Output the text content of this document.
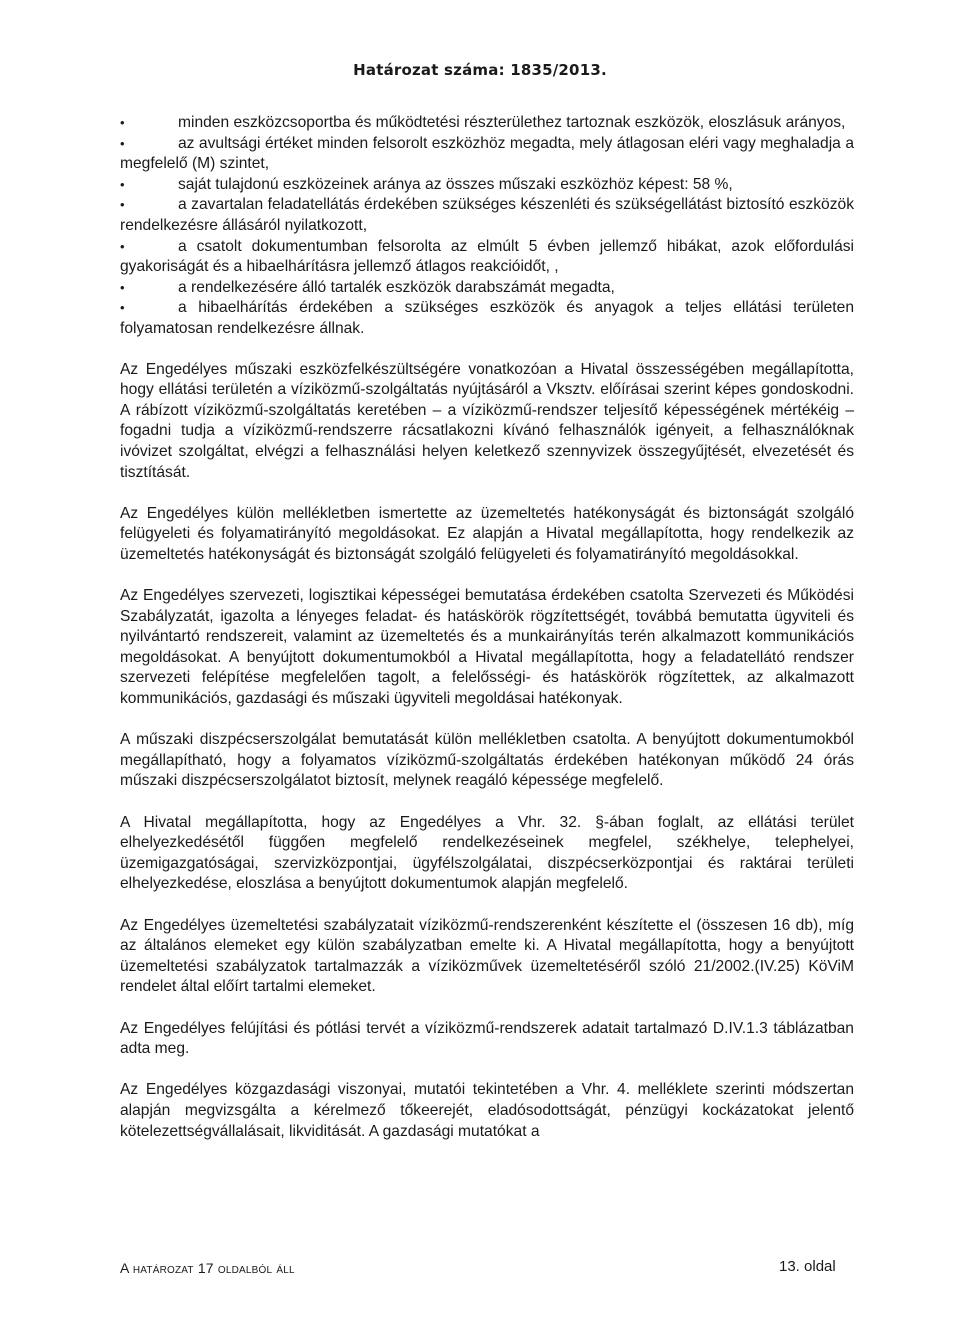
Határozat száma: 1835/2013.
• minden eszközcsoportba és működtetési részterülethez tartoznak eszközök, eloszlásuk arányos,
• az avultsági értéket minden felsorolt eszközhöz megadta, mely átlagosan eléri vagy meghaladja a megfelelő (M) szintet,
• saját tulajdonú eszközeinek aránya az összes műszaki eszközhöz képest: 58 %,
• a zavartalan feladatellátás érdekében szükséges készenléti és szükségellátást biztosító eszközök rendelkezésre állásáról nyilatkozott,
• a csatolt dokumentumban felsorolta az elmúlt 5 évben jellemző hibákat, azok előfordulási gyakoriságát és a hibaelhárításra jellemző átlagos reakcióidőt, ,
• a rendelkezésére álló tartalék eszközök darabszámát megadta,
• a hibaelhárítás érdekében a szükséges eszközök és anyagok a teljes ellátási területen folyamatosan rendelkezésre állnak.

Az Engedélyes műszaki eszközfelkészültségére vonatkozóan a Hivatal összességében megállapította, hogy ellátási területén a víziközmű-szolgáltatás nyújtásáról a Vksztv. előírásai szerint képes gondoskodni. A rábízott víziközmű-szolgáltatás keretében – a víziközmű-rendszer teljesítő képességének mértékéig – fogadni tudja a víziközmű-rendszerre rácsatlakozni kívánó felhasználók igényeit, a felhasználóknak ivóvizet szolgáltat, elvégzi a felhasználási helyen keletkező szennyvizek összegyűjtését, elvezetését és tisztítását.

Az Engedélyes külön mellékletben ismertette az üzemeltetés hatékonyságát és biztonságát szolgáló felügyeleti és folyamatirányító megoldásokat. Ez alapján a Hivatal megállapította, hogy rendelkezik az üzemeltetés hatékonyságát és biztonságát szolgáló felügyeleti és folyamatirányító megoldásokkal.

Az Engedélyes szervezeti, logisztikai képességei bemutatása érdekében csatolta Szervezeti és Működési Szabályzatát, igazolta a lényeges feladat- és hatáskörök rögzítettségét, továbbá bemutatta ügyviteli és nyilvántartó rendszereit, valamint az üzemeltetés és a munkairányítás terén alkalmazott kommunikációs megoldásokat. A benyújtott dokumentumokból a Hivatal megállapította, hogy a feladatellátó rendszer szervezeti felépítése megfelelően tagolt, a felelősségi- és hatáskörök rögzítettek, az alkalmazott kommunikációs, gazdasági és műszaki ügyviteli megoldásai hatékonyak.

A műszaki diszpécserszolgálat bemutatását külön mellékletben csatolta. A benyújtott dokumentumokból megállapítható, hogy a folyamatos víziközmű-szolgáltatás érdekében hatékonyan működő 24 órás műszaki diszpécserszolgálatot biztosít, melynek reagáló képessége megfelelő.

A Hivatal megállapította, hogy az Engedélyes a Vhr. 32. §-ában foglalt, az ellátási terület elhelyezkedésétől függően megfelelő rendelkezéseinek megfelel, székhelye, telephelyei, üzemigazgatóságai, szervizközpontjai, ügyfélszolgálatai, diszpécserközpontjai és raktárai területi elhelyezkedése, eloszlása a benyújtott dokumentumok alapján megfelelő.

Az Engedélyes üzemeltetési szabályzatait víziközmű-rendszerenként készítette el (összesen 16 db), míg az általános elemeket egy külön szabályzatban emelte ki. A Hivatal megállapította, hogy a benyújtott üzemeltetési szabályzatok tartalmazzák a víziközművek üzemeltetéséről szóló 21/2002.(IV.25) KöViM rendelet által előírt tartalmi elemeket.

Az Engedélyes felújítási és pótlási tervét a víziközmű-rendszerek adatait tartalmazó D.IV.1.3 táblázatban adta meg.

Az Engedélyes közgazdasági viszonyai, mutatói tekintetében a Vhr. 4. melléklete szerinti módszertan alapján megvizsgálta a kérelmező tőkeerejét, eladósodottságát, pénzügyi kockázatokat jelentő kötelezettségvállalásait, likviditását. A gazdasági mutatókat a

A határozat 17 oldalból áll	13. oldal
